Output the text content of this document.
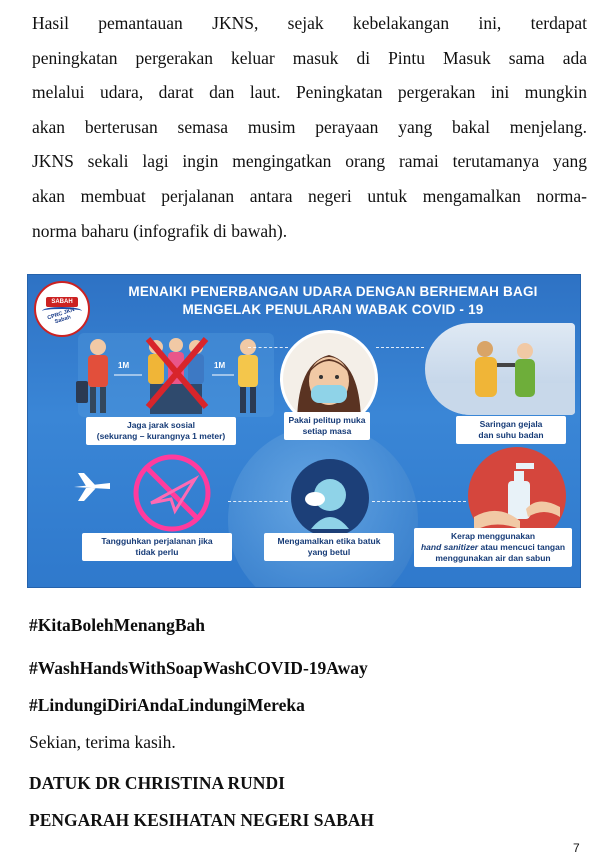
Hasil pemantauan JKNS, sejak kebelakangan ini, terdapat
peningkatan pergerakan keluar masuk di Pintu Masuk sama ada
melalui udara, darat dan laut. Peningkatan pergerakan ini mungkin
akan berterusan semasa musim perayaan yang bakal menjelang.
JKNS sekali lagi ingin mengingatkan orang ramai terutamanya yang
akan membuat perjalanan antara negeri untuk mengamalkan norma-
norma baharu (infografik di bawah).
SABAH
CPRC JKN Sabah
MENAIKI PENERBANGAN UDARA DENGAN BERHEMAH BAGI
MENGELAK PENULARAN WABAK COVID - 19
1M	1M
Jaga jarak sosial
(sekurang – kurangnya 1 meter)
Pakai pelitup muka
setiap masa
Saringan gejala
dan suhu badan
Tangguhkan perjalanan jika
tidak perlu
Mengamalkan etika batuk
yang betul
Kerap menggunakan
hand sanitizer atau mencuci tangan
menggunakan air dan sabun
#KitaBolehMenangBah
#WashHandsWithSoapWashCOVID-19Away
#LindungiDiriAndaLindungiMereka
Sekian, terima kasih.
DATUK DR CHRISTINA RUNDI
PENGARAH KESIHATAN NEGERI SABAH
7
